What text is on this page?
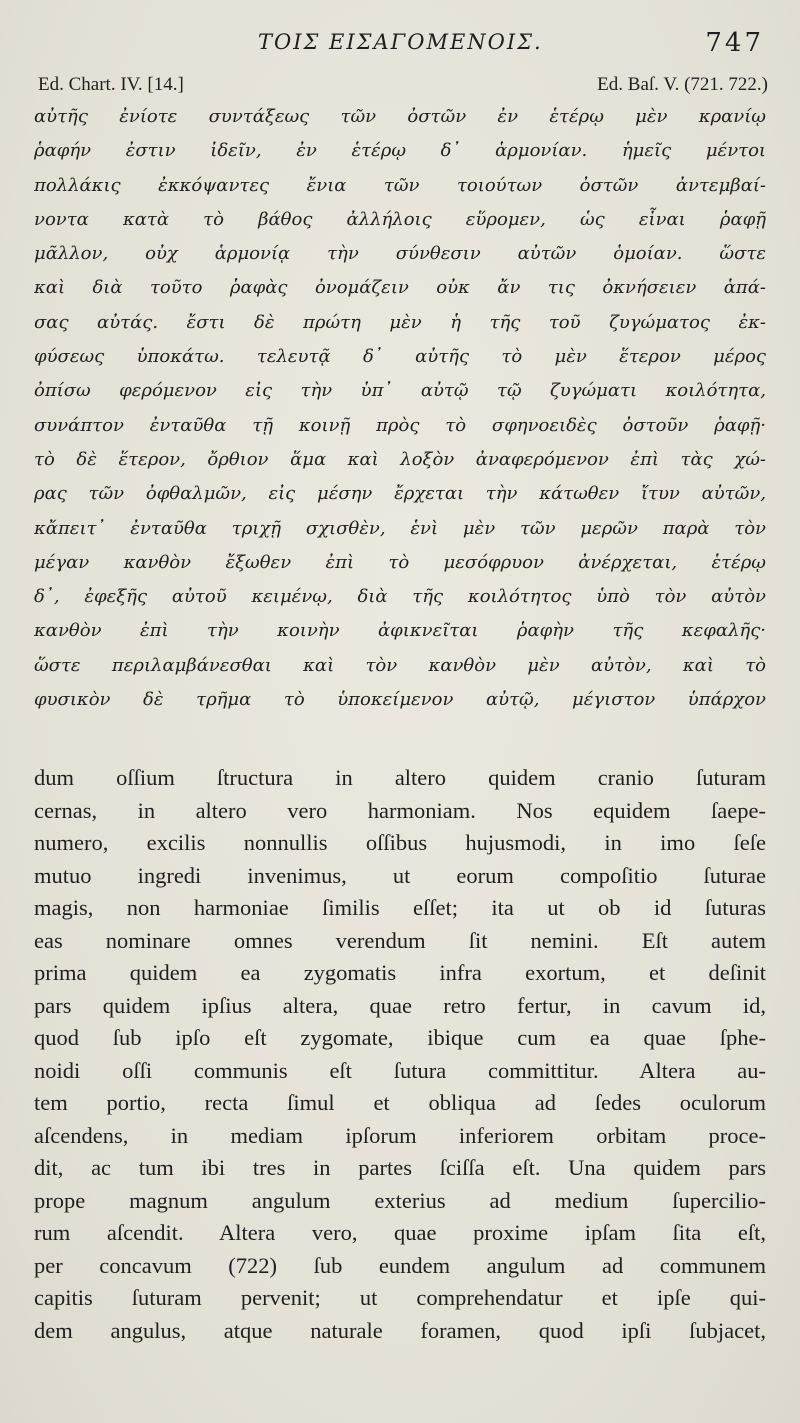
ΤΟΙΣ ΕΙΣΑΓΟΜΕΝΟΙΣ.	747
Ed. Chart. IV. [14.]	Ed. Baſ. V. (721. 722.)
αὐτῆς ἐνίοτε συντάξεως τῶν ὀστῶν ἐν ἑτέρῳ μὲν κρανίῳ
ῥαφήν ἐστιν ἰδεῖν, ἐν ἑτέρῳ δ᾿ ἁρμονίαν. ἡμεῖς μέντοι
πολλάκις ἐκκόψαντες ἔνια τῶν τοιούτων ὀστῶν ἀντεμβαί-
νοντα κατὰ τὸ βάθος ἀλλήλοις εὕρομεν, ὡς εἶναι ῥαφῇ
μᾶλλον, οὐχ ἁρμονίᾳ τὴν σύνθεσιν αὐτῶν ὁμοίαν. ὥστε
καὶ διὰ τοῦτο ῥαφὰς ὀνομάζειν οὐκ ἄν τις ὀκνήσειεν ἁπά-
σας αὐτάς. ἔστι δὲ πρώτη μὲν ἡ τῆς τοῦ ζυγώματος ἐκ-
φύσεως ὑποκάτω. τελευτᾷ δ᾿ αὐτῆς τὸ μὲν ἕτερον μέρος
ὀπίσω φερόμενον εἰς τὴν ὑπ᾿ αὐτῷ τῷ ζυγώματι κοιλότητα,
συνάπτον ἐνταῦθα τῇ κοινῇ πρὸς τὸ σφηνοειδὲς ὀστοῦν ῥαφῇ·
τὸ δὲ ἕτερον, ὄρθιον ἅμα καὶ λοξὸν ἀναφερόμενον ἐπὶ τὰς χώ-
ρας τῶν ὀφθαλμῶν, εἰς μέσην ἔρχεται τὴν κάτωθεν ἴτυν αὐτῶν,
κἄπειτ᾿ ἐνταῦθα τριχῇ σχισθὲν, ἑνὶ μὲν τῶν μερῶν παρὰ τὸν
μέγαν κανθὸν ἔξωθεν ἐπὶ τὸ μεσόφρυον ἀνέρχεται, ἑτέρῳ
δ᾿, ἐφεξῆς αὐτοῦ κειμένῳ, διὰ τῆς κοιλότητος ὑπὸ τὸν αὐτὸν
κανθὸν ἐπὶ τὴν κοινὴν ἀφικνεῖται ῥαφὴν τῆς κεφαλῆς·
ὥστε περιλαμβάνεσθαι καὶ τὸν κανθὸν μὲν αὐτὸν, καὶ τὸ
φυσικὸν δὲ τρῆμα τὸ ὑποκείμενον αὐτῷ, μέγιστον ὑπάρχον
dum oſſium ſtructura in altero quidem cranio ſuturam
cernas, in altero vero harmoniam. Nos equidem ſaepe-
numero, excilis nonnullis oſſibus hujusmodi, in imo ſeſe
mutuo ingredi invenimus, ut eorum compoſitio ſuturae
magis, non harmoniae ſimilis eſſet; ita ut ob id ſuturas
eas nominare omnes verendum ſit nemini. Eſt autem
prima quidem ea zygomatis infra exortum, et deſinit
pars quidem ipſius altera, quae retro fertur, in cavum id,
quod ſub ipſo eſt zygomate, ibique cum ea quae ſphe-
noidi oſſi communis eſt ſutura committitur. Altera au-
tem portio, recta ſimul et obliqua ad ſedes oculorum
aſcendens, in mediam ipſorum inferiorem orbitam proce-
dit, ac tum ibi tres in partes ſciſſa eſt. Una quidem pars
prope magnum angulum exterius ad medium ſupercilio-
rum aſcendit. Altera vero, quae proxime ipſam ſita eſt,
per concavum (722) ſub eundem angulum ad communem
capitis ſuturam pervenit; ut comprehendatur et ipſe qui-
dem angulus, atque naturale foramen, quod ipſi ſubjacet,
